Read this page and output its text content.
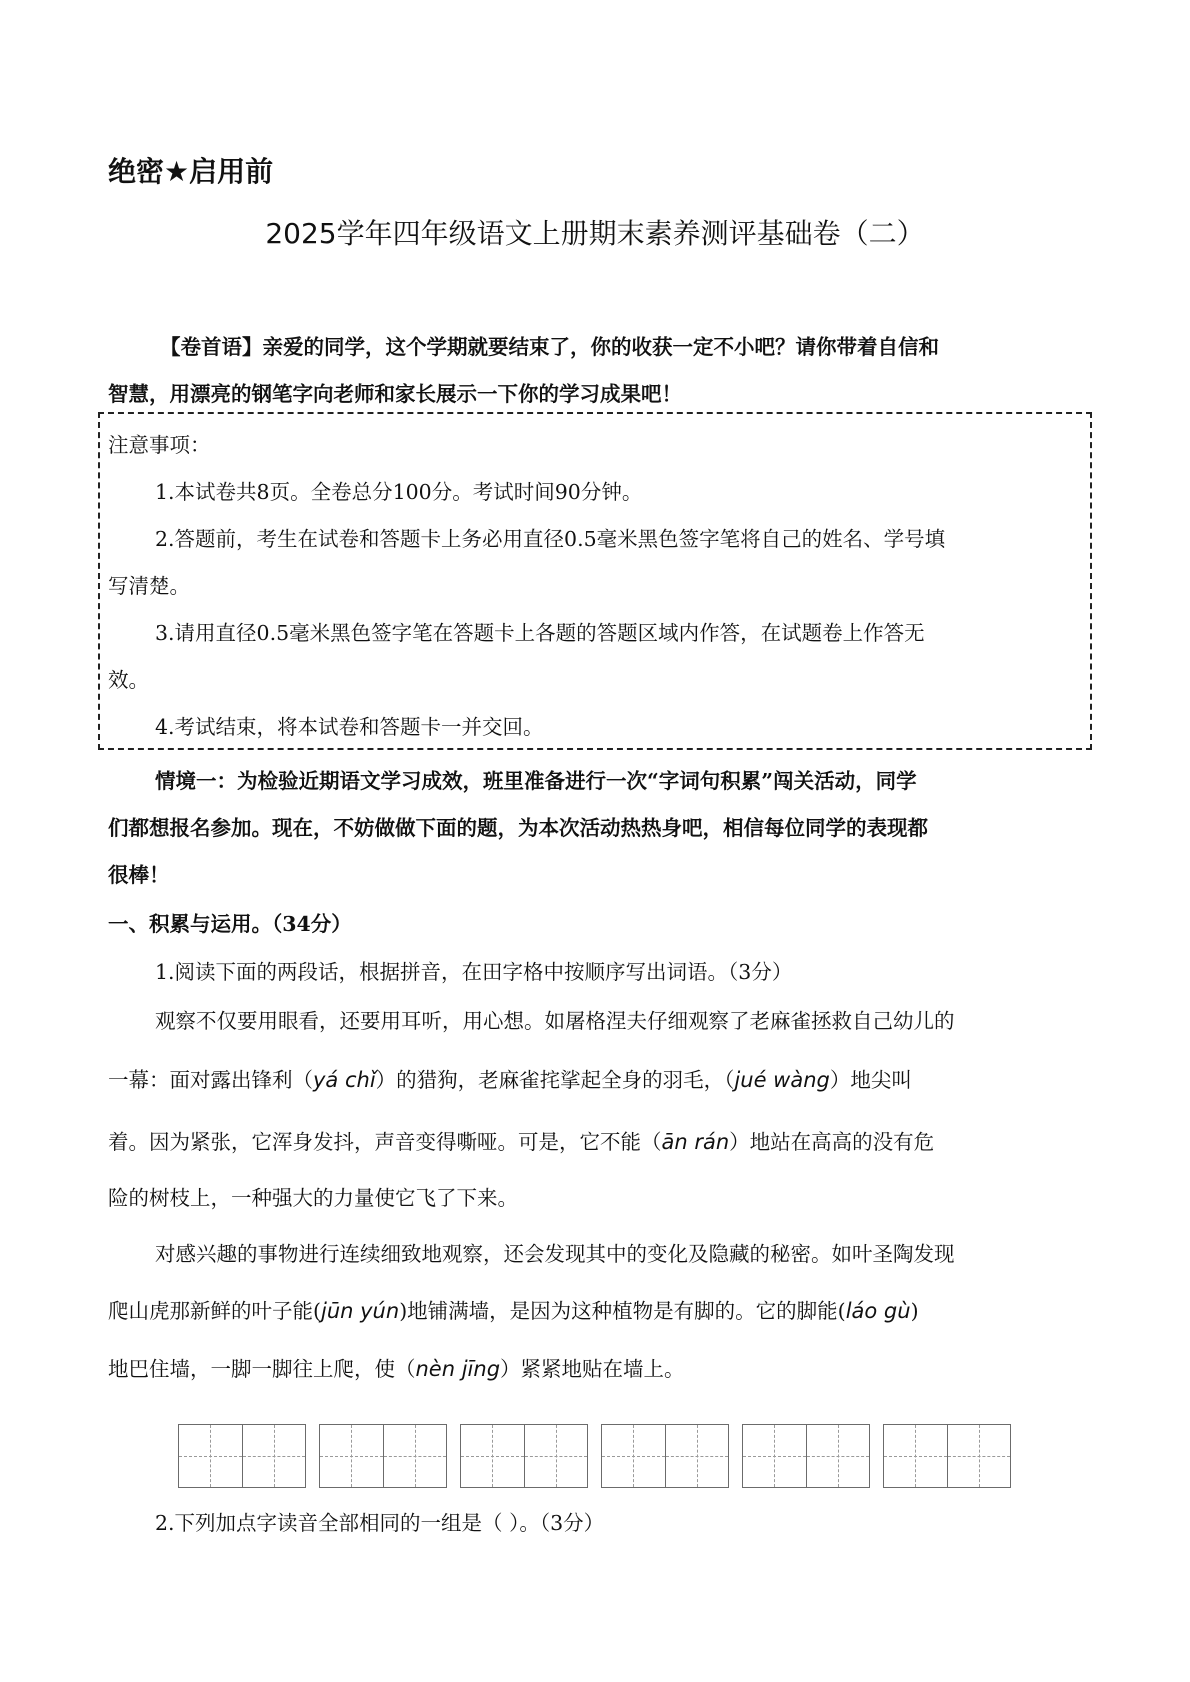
绝密★启用前
2025学年四年级语文上册期末素养测评基础卷（二）
【卷首语】亲爱的同学，这个学期就要结束了，你的收获一定不小吧？请你带着自信和
智慧，用漂亮的钢笔字向老师和家长展示一下你的学习成果吧！
注意事项：
1.本试卷共8页。全卷总分100分。考试时间90分钟。
2.答题前，考生在试卷和答题卡上务必用直径0.5毫米黑色签字笔将自己的姓名、学号填
写清楚。
3.请用直径0.5毫米黑色签字笔在答题卡上各题的答题区域内作答，在试题卷上作答无
效。
4.考试结束，将本试卷和答题卡一并交回。
情境一：为检验近期语文学习成效，班里准备进行一次“字词句积累”闯关活动，同学
们都想报名参加。现在，不妨做做下面的题，为本次活动热热身吧，相信每位同学的表现都
很棒！
一、积累与运用。（34分）
1.阅读下面的两段话，根据拼音，在田字格中按顺序写出词语。（3分）
观察不仅要用眼看，还要用耳听，用心想。如屠格涅夫仔细观察了老麻雀拯救自己幼儿的
一幕：面对露出锋利（yá chǐ）的猎狗，老麻雀挓挲起全身的羽毛，（jué wàng）地尖叫
着。因为紧张，它浑身发抖，声音变得嘶哑。可是，它不能（ān rán）地站在高高的没有危
险的树枝上，一种强大的力量使它飞了下来。
对感兴趣的事物进行连续细致地观察，还会发现其中的变化及隐藏的秘密。如叶圣陶发现
爬山虎那新鲜的叶子能(jūn yún)地铺满墙，是因为这种植物是有脚的。它的脚能(láo gù)
地巴住墙，一脚一脚往上爬，使（nèn jīng）紧紧地贴在墙上。
2.下列加点字读音全部相同的一组是（ ）。（3分）
